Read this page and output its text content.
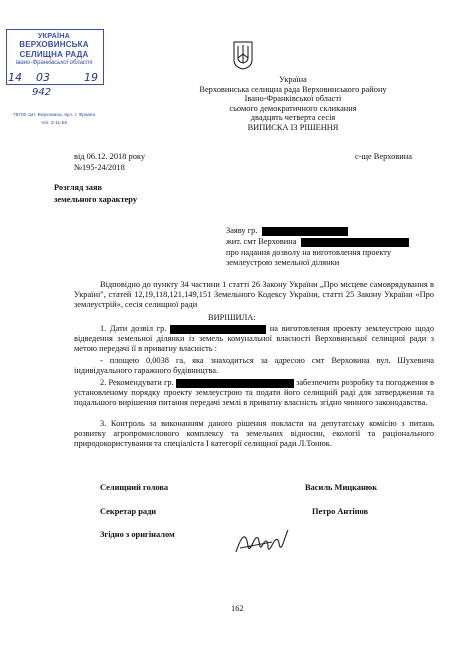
УКРАЇНА
ВЕРХОВИНСЬКА
СЕЛИЩНА РАДА
Івано-Франківської області
14 03	19
942
78700 смт. Верховина, вул. І. Франка
тел. 2-11-56
Україна
Верховинська селищна рада Верховинського району
Івано-Франківської області
сьомого демократичного скликання
двадцять четверта сесія
ВИПИСКА ІЗ РІШЕННЯ
від 06.12. 2018 року
№195-24/2018
с-ще Верховина
Розгляд заяв
земельного характеру
Заяву гр.
жит. смт Верховина
про надання дозволу на виготовлення проекту
землеустрою земельної ділянки
Відповідно до пункту 34 частини 1 статті 26 Закону України „Про місцеве самоврядування в Україні", статей 12,19,118,121,149,151 Земельного Кодексу України, статті 25 Закону України «Про землеустрій», сесія селищної ради
ВИРІШИЛА:
1. Дати дозвіл гр.	на виготовлення проекту землеустрою щодо відведення земельної ділянки із земель комунальної власності Верховинської селищної ради з метою передачі її в приватну власність :
- площею 0,0038 га, яка знаходиться за адресою смт Верховина вул. Шухевича індивідуального гаражного будівництва.
2. Рекомендувати гр.	забезпечити розробку та погодження в установленому порядку проекту землеустрою та подати його селищній раді для затвердження та подальшого вирішення питання передачі землі в приватну власність згідно чинного законодавства.
3. Контроль за виконанням даного рішення покласти на депутатську комісію з питань розвитку агропромислового комплексу та земельних відносин, екології та раціонального природокористування та спеціаліста І категорії селищної ради Л.Тонюк.
Селищний голова	Василь Мицканюк
Секретар ради	Петро Антіпов
Згідно з оригіналом
162
